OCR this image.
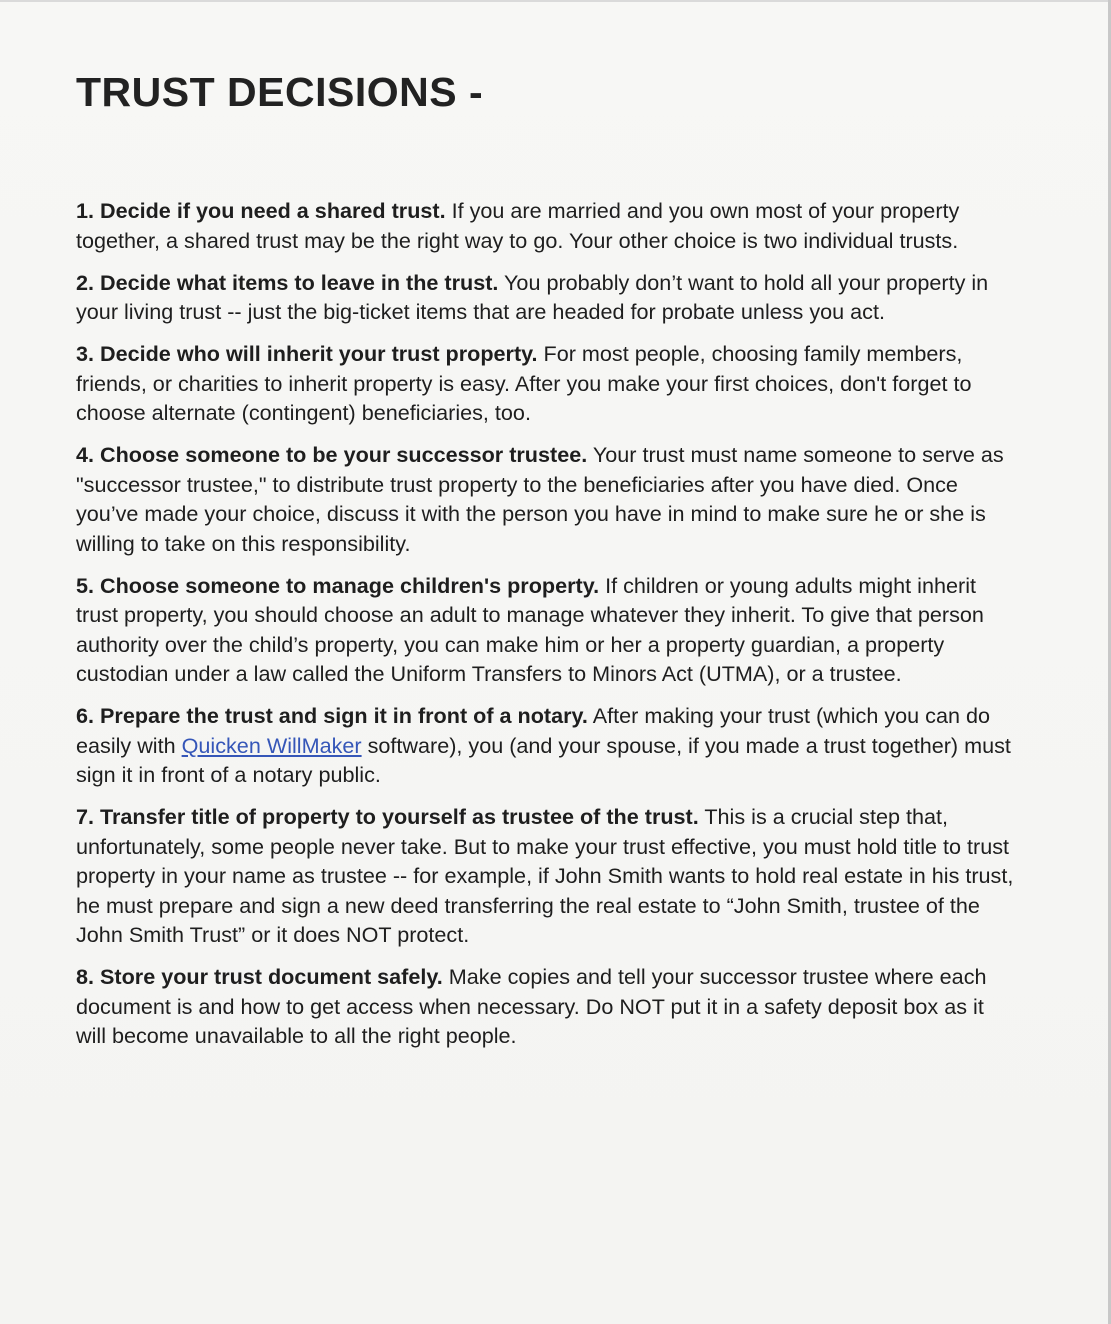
TRUST DECISIONS -

1. Decide if you need a shared trust. If you are married and you own most of your property together, a shared trust may be the right way to go. Your other choice is two individual trusts.

2. Decide what items to leave in the trust. You probably don’t want to hold all your property in your living trust -- just the big-ticket items that are headed for probate unless you act.

3. Decide who will inherit your trust property. For most people, choosing family members, friends, or charities to inherit property is easy. After you make your first choices, don't forget to choose alternate (contingent) beneficiaries, too.

4. Choose someone to be your successor trustee. Your trust must name someone to serve as "successor trustee," to distribute trust property to the beneficiaries after you have died. Once you’ve made your choice, discuss it with the person you have in mind to make sure he or she is willing to take on this responsibility.

5. Choose someone to manage children's property. If children or young adults might inherit trust property, you should choose an adult to manage whatever they inherit. To give that person authority over the child’s property, you can make him or her a property guardian, a property custodian under a law called the Uniform Transfers to Minors Act (UTMA), or a trustee.

6. Prepare the trust and sign it in front of a notary. After making your trust (which you can do easily with Quicken WillMaker software), you (and your spouse, if you made a trust together) must sign it in front of a notary public.

7. Transfer title of property to yourself as trustee of the trust. This is a crucial step that, unfortunately, some people never take. But to make your trust effective, you must hold title to trust property in your name as trustee -- for example, if John Smith wants to hold real estate in his trust, he must prepare and sign a new deed transferring the real estate to “John Smith, trustee of the John Smith Trust” or it does NOT protect.

8. Store your trust document safely. Make copies and tell your successor trustee where each document is and how to get access when necessary. Do NOT put it in a safety deposit box as it will become unavailable to all the right people.
